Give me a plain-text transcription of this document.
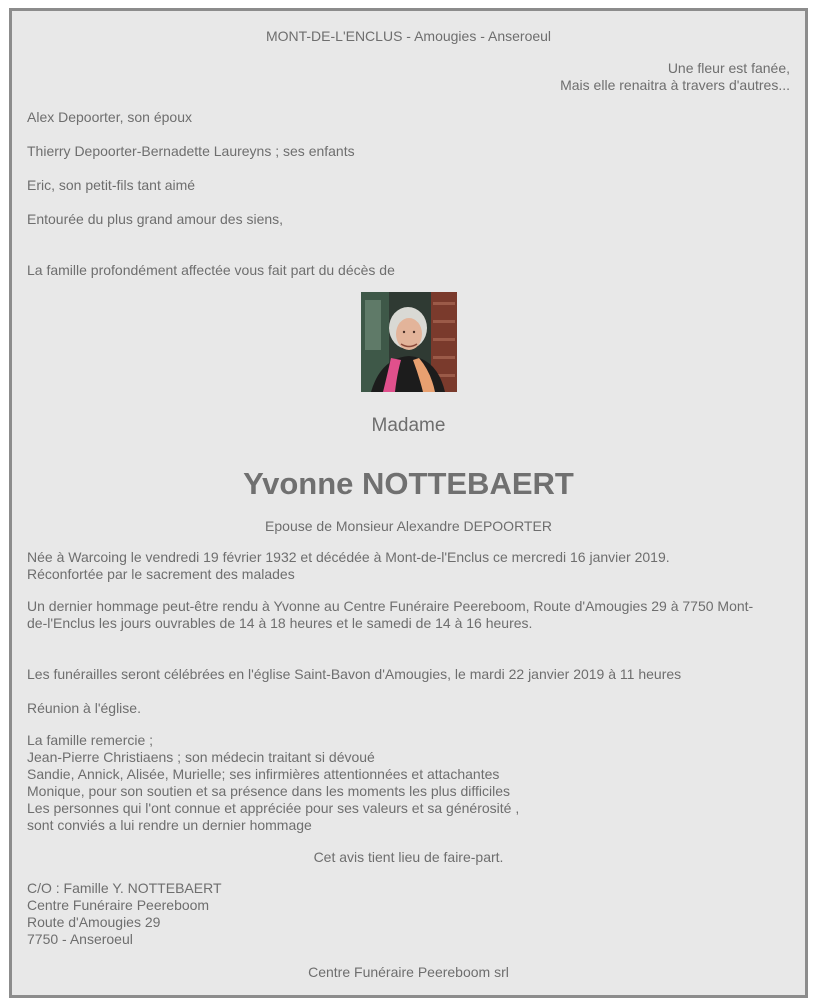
MONT-DE-L'ENCLUS - Amougies - Anseroeul

Une fleur est fanée,
Mais elle renaitra à travers d'autres...

Alex Depoorter, son époux

Thierry Depoorter-Bernadette Laureyns ; ses enfants

Eric, son petit-fils tant aimé

Entourée du plus grand amour des siens,

La famille profondément affectée vous fait part du décès de

Madame

Yvonne NOTTEBAERT

Epouse de Monsieur Alexandre DEPOORTER

Née à Warcoing le vendredi 19 février 1932 et décédée à Mont-de-l'Enclus ce mercredi 16 janvier 2019.
Réconfortée par le sacrement des malades
Un dernier hommage peut-être rendu à Yvonne au Centre Funéraire Peereboom, Route d'Amougies 29 à 7750 Mont-
de-l'Enclus les jours ouvrables de 14 à 18 heures et le samedi de 14 à 16 heures.

Les funérailles seront célébrées en l'église Saint-Bavon d'Amougies, le mardi 22 janvier 2019 à 11 heures

Réunion à l'église.

La famille remercie ;
Jean-Pierre Christiaens ; son médecin traitant si dévoué
Sandie, Annick, Alisée, Murielle; ses infirmières attentionnées et attachantes
Monique, pour son soutien et sa présence dans les moments les plus difficiles
Les personnes qui l'ont connue et appréciée pour ses valeurs et sa générosité ,
sont conviés a lui rendre un dernier hommage

Cet avis tient lieu de faire-part.

C/O : Famille Y. NOTTEBAERT
Centre Funéraire Peereboom
Route d'Amougies 29
7750 - Anseroeul

Centre Funéraire Peereboom srl
